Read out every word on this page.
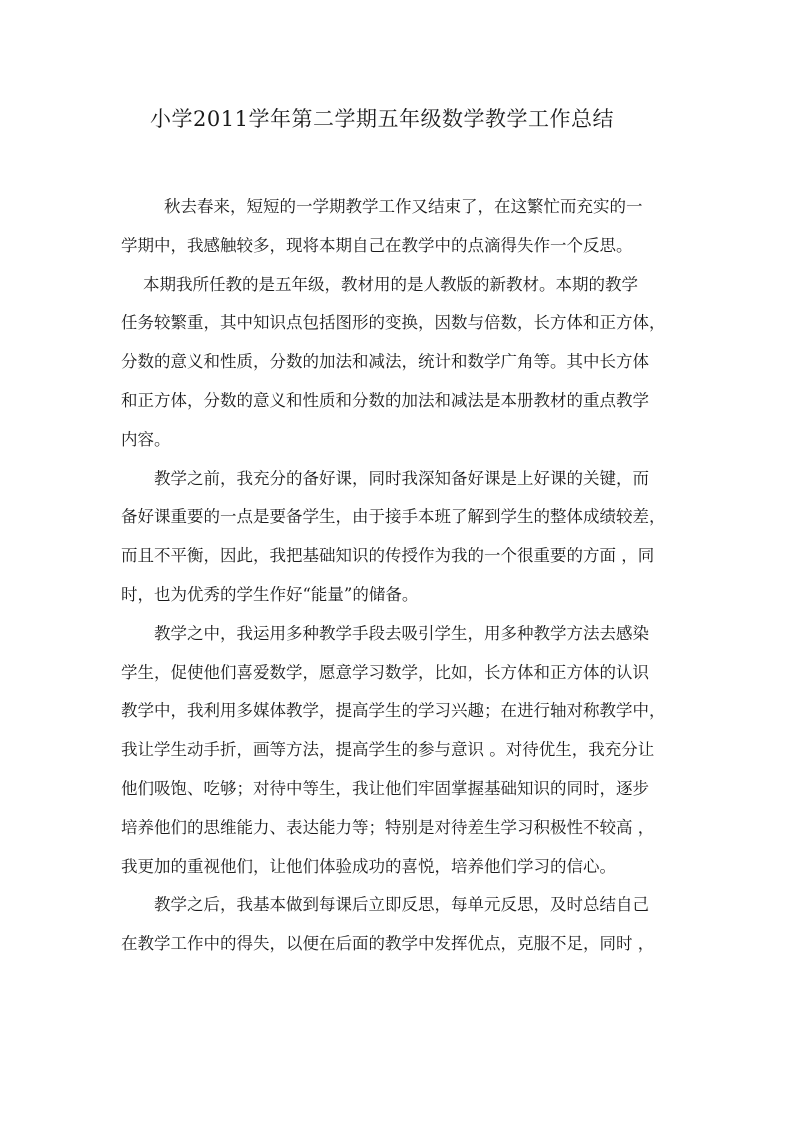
小学2011学年第二学期五年级数学教学工作总结
秋去春来，短短的一学期教学工作又结束了，在这繁忙而充实的一
学期中，我感触较多，现将本期自己在教学中的点滴得失作一个反思。
本期我所任教的是五年级，教材用的是人教版的新教材。本期的教学
任务较繁重，其中知识点包括图形的变换，因数与倍数，长方体和正方体，
分数的意义和性质，分数的加法和减法，统计和数学广角等。其中长方体
和正方体，分数的意义和性质和分数的加法和减法是本册教材的重点教学
内容。
教学之前，我充分的备好课，同时我深知备好课是上好课的关键，而
备好课重要的一点是要备学生，由于接手本班了解到学生的整体成绩较差，
而且不平衡，因此，我把基础知识的传授作为我的一个很重要的方面 ，同
时，也为优秀的学生作好“能量”的储备。
教学之中，我运用多种教学手段去吸引学生，用多种教学方法去感染
学生，促使他们喜爱数学，愿意学习数学，比如，长方体和正方体的认识
教学中，我利用多媒体教学，提高学生的学习兴趣；在进行轴对称教学中，
我让学生动手折，画等方法，提高学生的参与意识 。对待优生，我充分让
他们吸饱、吃够；对待中等生，我让他们牢固掌握基础知识的同时，逐步
培养他们的思维能力、表达能力等；特别是对待差生学习积极性不较高 ，
我更加的重视他们，让他们体验成功的喜悦，培养他们学习的信心。
教学之后，我基本做到每课后立即反思，每单元反思，及时总结自己
在教学工作中的得失，以便在后面的教学中发挥优点，克服不足，同时 ，
